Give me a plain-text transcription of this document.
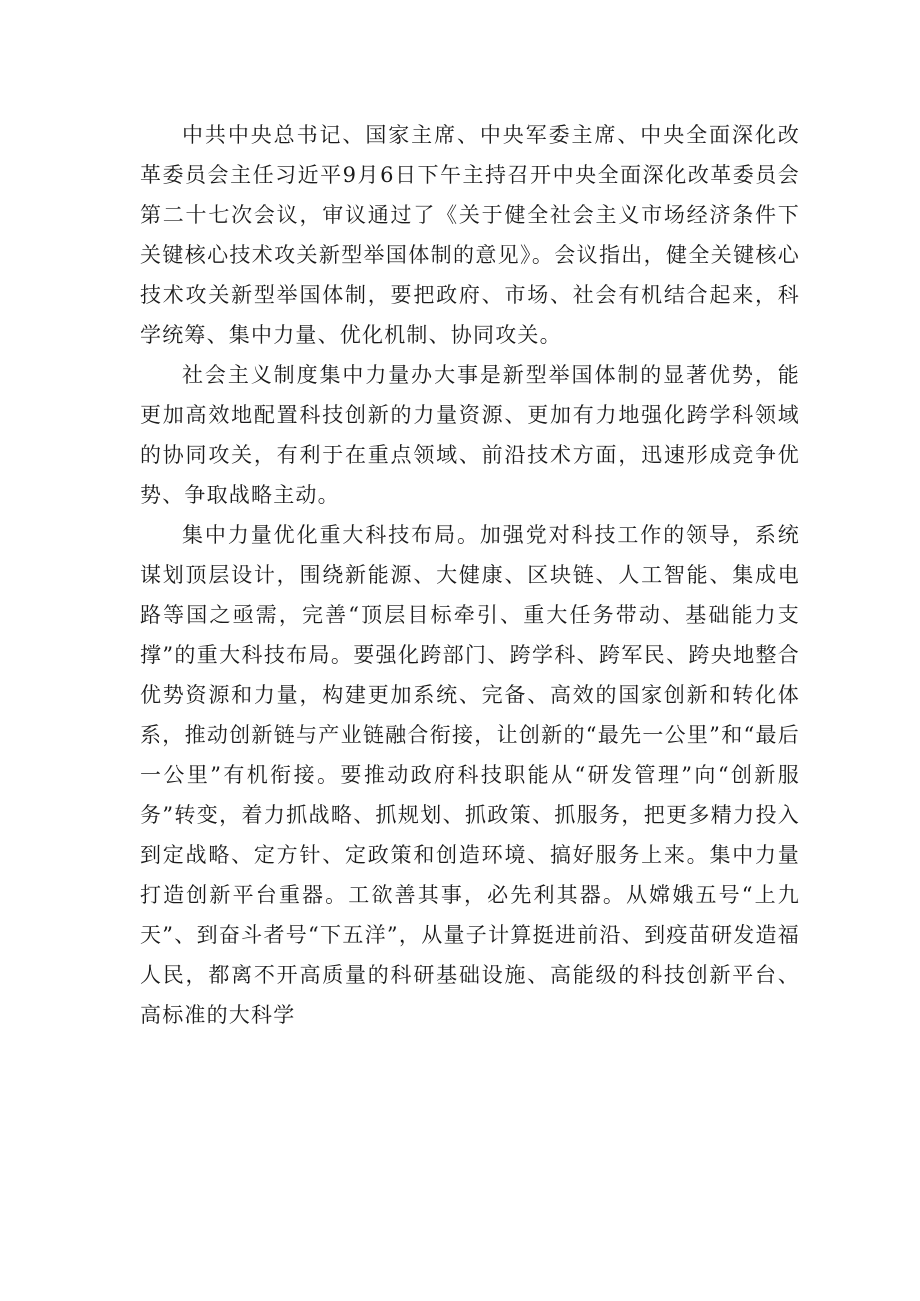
中共中央总书记、国家主席、中央军委主席、中央全面深化改革委员会主任习近平9月6日下午主持召开中央全面深化改革委员会第二十七次会议，审议通过了《关于健全社会主义市场经济条件下关键核心技术攻关新型举国体制的意见》。会议指出，健全关键核心技术攻关新型举国体制，要把政府、市场、社会有机结合起来，科学统筹、集中力量、优化机制、协同攻关。

社会主义制度集中力量办大事是新型举国体制的显著优势，能更加高效地配置科技创新的力量资源、更加有力地强化跨学科领域的协同攻关，有利于在重点领域、前沿技术方面，迅速形成竞争优势、争取战略主动。

集中力量优化重大科技布局。加强党对科技工作的领导，系统谋划顶层设计，围绕新能源、大健康、区块链、人工智能、集成电路等国之亟需，完善“顶层目标牵引、重大任务带动、基础能力支撑”的重大科技布局。要强化跨部门、跨学科、跨军民、跨央地整合优势资源和力量，构建更加系统、完备、高效的国家创新和转化体系，推动创新链与产业链融合衔接，让创新的“最先一公里”和“最后一公里”有机衔接。要推动政府科技职能从“研发管理”向“创新服务”转变，着力抓战略、抓规划、抓政策、抓服务，把更多精力投入到定战略、定方针、定政策和创造环境、搞好服务上来。集中力量打造创新平台重器。工欲善其事，必先利其器。从嫦娥五号“上九天”、到奋斗者号“下五洋”，从量子计算挺进前沿、到疫苗研发造福人民，都离不开高质量的科研基础设施、高能级的科技创新平台、高标准的大科学
